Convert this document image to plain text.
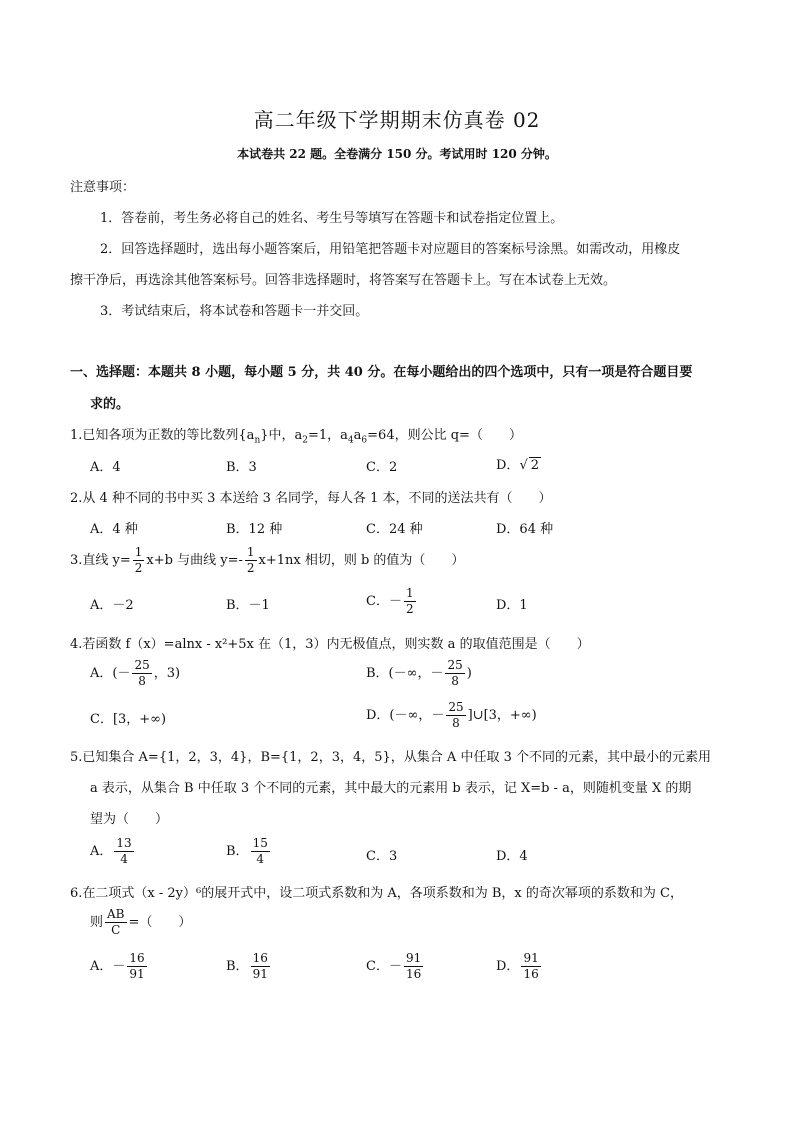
高二年级下学期期末仿真卷 02
本试卷共 22 题。全卷满分 150 分。考试用时 120 分钟。
注意事项：
1．答卷前，考生务必将自己的姓名、考生号等填写在答题卡和试卷指定位置上。
2．回答选择题时，选出每小题答案后，用铅笔把答题卡对应题目的答案标号涂黑。如需改动，用橡皮
擦干净后，再选涂其他答案标号。回答非选择题时，将答案写在答题卡上。写在本试卷上无效。
3．考试结束后，将本试卷和答题卡一并交回。
一、选择题：本题共 8 小题，每小题 5 分，共 40 分。在每小题给出的四个选项中，只有一项是符合题目要
求的。
1.已知各项为正数的等比数列$\{a_n\}$中，$a_2=1$，$a_4a_6=64$，则公比 q=（　　）
A．4	B．3	C．2	D．√ 2
2.从 4 种不同的书中买 3 本送给 3 名同学，每人各 1 本，不同的送法共有（　　）
A．4 种	B．12 种	C．24 种	D．64 种
3.直线 $y= \frac{1}{2} x+b$ 与曲线 $y=- \frac{1}{2} x+1nx$ 相切，则 b 的值为（　　）
A．－2	B．－1	C．－ $\frac{1}{2}$	D．1
4.若函数 f（x）=alnx - x²+5x 在（1，3）内无极值点，则实数 a 的取值范围是（　　）
A．(－ $\frac{25}{8}$ ，3)	B．(－∞，－ $\frac{25}{8}$ )
C．[3，+∞)	D．(－∞，－ $\frac{25}{8}$ ]∪[3，+∞)
5.已知集合 A={1，2，3，4}，B={1，2，3，4，5}，从集合 A 中任取 3 个不同的元素，其中最小的元素用
a 表示，从集合 B 中任取 3 个不同的元素，其中最大的元素用 b 表示，记 X=b - a，则随机变量 X 的期
望为（　　）
A． $\frac{13}{4}$	B． $\frac{15}{4}$	C．3	D．4
6.在二项式（x - 2y）⁶的展开式中，设二项式系数和为 A，各项系数和为 B，x 的奇次幂项的系数和为 C，
则 $\frac{AB}{C}$ =（　　）
A．－ $\frac{16}{91}$	B． $\frac{16}{91}$	C．－ $\frac{91}{16}$	D． $\frac{91}{16}$
